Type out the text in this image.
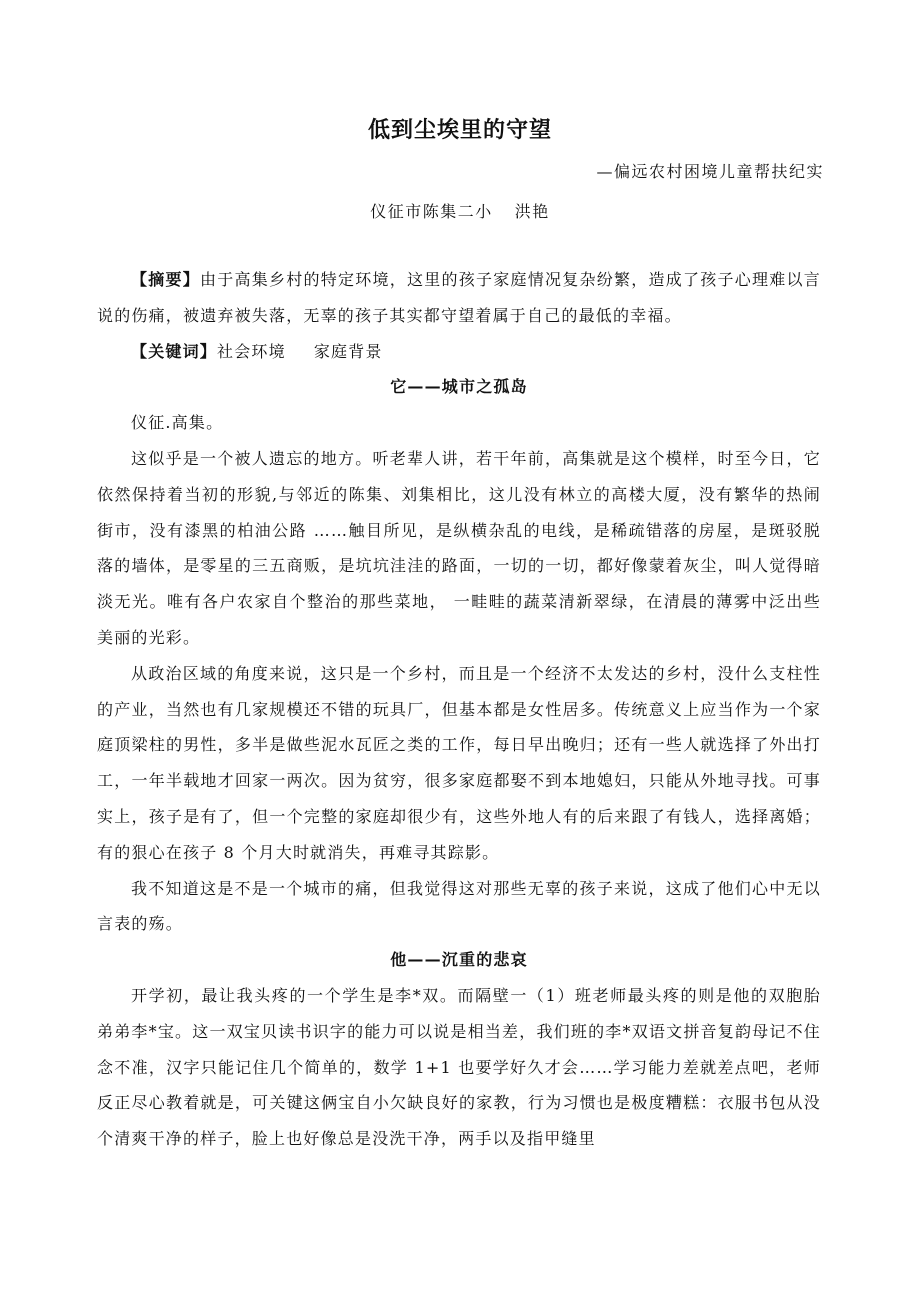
低到尘埃里的守望
—偏远农村困境儿童帮扶纪实
仪征市陈集二小 洪艳

【摘要】由于高集乡村的特定环境，这里的孩子家庭情况复杂纷繁，造成了孩子心理难以言说的伤痛，被遗弃被失落，无辜的孩子其实都守望着属于自己的最低的幸福。

【关键词】社会环境 家庭背景

它——城市之孤岛

仪征.高集。

这似乎是一个被人遗忘的地方。听老辈人讲，若干年前，高集就是这个模样，时至今日，它依然保持着当初的形貌,与邻近的陈集、刘集相比，这儿没有林立的高楼大厦，没有繁华的热闹街市，没有漆黑的柏油公路 ……触目所见，是纵横杂乱的电线，是稀疏错落的房屋，是斑驳脱落的墙体，是零星的三五商贩，是坑坑洼洼的路面，一切的一切，都好像蒙着灰尘，叫人觉得暗淡无光。唯有各户农家自个整治的那些菜地， 一畦畦的蔬菜清新翠绿，在清晨的薄雾中泛出些美丽的光彩。

从政治区域的角度来说，这只是一个乡村，而且是一个经济不太发达的乡村，没什么支柱性的产业，当然也有几家规模还不错的玩具厂，但基本都是女性居多。传统意义上应当作为一个家庭顶梁柱的男性，多半是做些泥水瓦匠之类的工作，每日早出晚归；还有一些人就选择了外出打工，一年半载地才回家一两次。因为贫穷，很多家庭都娶不到本地媳妇，只能从外地寻找。可事实上，孩子是有了，但一个完整的家庭却很少有，这些外地人有的后来跟了有钱人，选择离婚；有的狠心在孩子 8 个月大时就消失，再难寻其踪影。

我不知道这是不是一个城市的痛，但我觉得这对那些无辜的孩子来说，这成了他们心中无以言表的殇。

他——沉重的悲哀

开学初，最让我头疼的一个学生是李*双。而隔壁一（1）班老师最头疼的则是他的双胞胎弟弟李*宝。这一双宝贝读书识字的能力可以说是相当差，我们班的李*双语文拼音复韵母记不住念不准，汉字只能记住几个简单的，数学 1+1 也要学好久才会……学习能力差就差点吧，老师反正尽心教着就是，可关键这俩宝自小欠缺良好的家教，行为习惯也是极度糟糕：衣服书包从没个清爽干净的样子，脸上也好像总是没洗干净，两手以及指甲缝里
